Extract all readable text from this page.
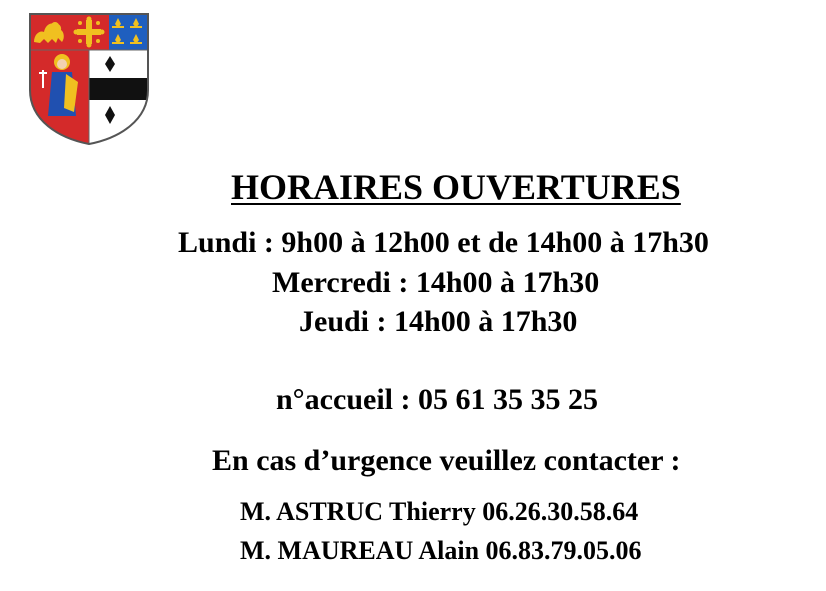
HORAIRES OUVERTURES
Lundi : 9h00 à 12h00 et de 14h00 à 17h30
Mercredi : 14h00 à 17h30
Jeudi : 14h00 à 17h30
n°accueil : 05 61 35 35 25
En cas d’urgence veuillez contacter :
M. ASTRUC Thierry 06.26.30.58.64
M. MAUREAU Alain 06.83.79.05.06
